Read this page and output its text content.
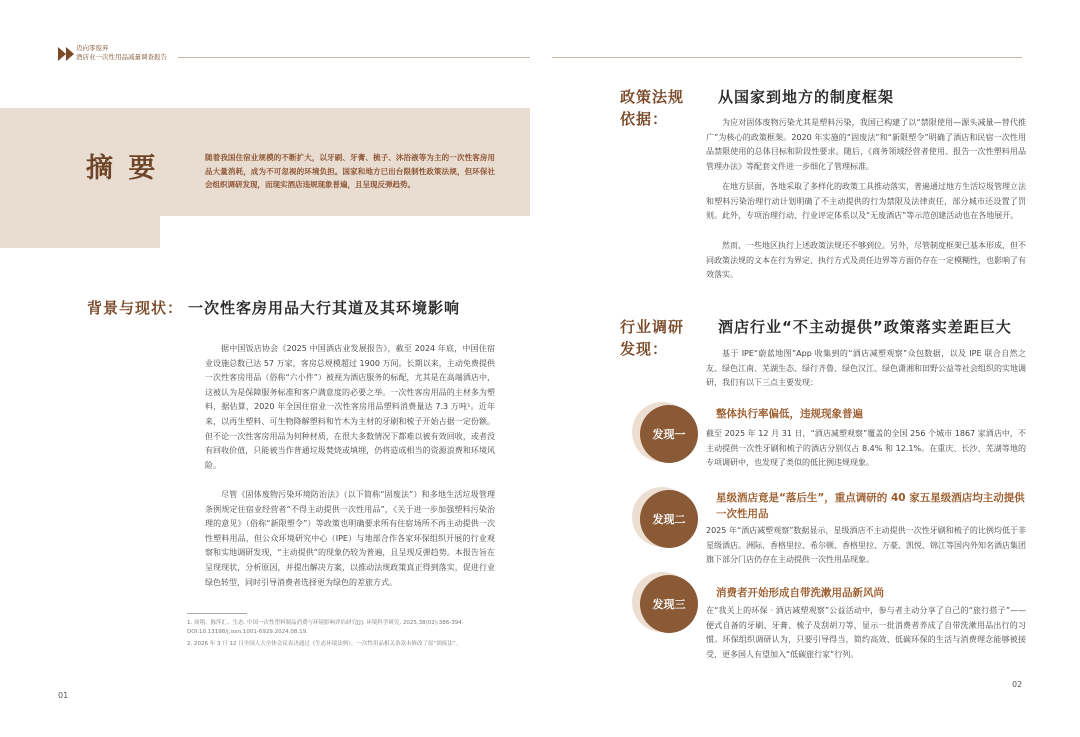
迈向零废弃
酒店业一次性用品减量调查报告
摘 要	随着我国住宿业规模的不断扩大，以牙刷、牙膏、梳子、沐浴液等为主的一次性客房用品大量消耗，成为不可忽视的环境负担。国家和地方已出台限制性政策法规，但环保社会组织调研发现，而现实酒店违规现象普遍，且呈现反弹趋势。

背景与现状： 一次性客房用品大行其道及其环境影响

据中国饭店协会《2025 中国酒店业发展报告》，截至 2024 年底，中国住宿业设施总数已达 57 万家，客房总规模超过 1900 万间。长期以来，主动免费提供一次性客房用品（俗称“六小件”）被视为酒店服务的标配，尤其是在高端酒店中，这被认为是保障服务标准和客户满意度的必要之举。一次性客房用品的主材多为塑料，据估算，2020 年全国住宿业一次性客房用品塑料消费量达 7.3 万吨¹。近年来，以再生塑料、可生物降解塑料和竹木为主材的牙刷和梳子开始占据一定份额。但不论一次性客房用品为何种材质，在很大多数情况下都难以被有效回收，或者没有回收价值，只能被当作普通垃圾焚烧或填埋，仍将造成相当的资源浪费和环境风险。

尽管《固体废物污染环境防治法》（以下简称“固废法”）和多地生活垃圾管理条例规定住宿业经营者“不得主动提供一次性用品”，《关于进一步加强塑料污染治理的意见》（俗称“新限塑令”）等政策也明确要求所有住宿场所不再主动提供一次性塑料用品，但公众环境研究中心（IPE）与地部合作各家环保组织开展的行业观察和实地调研发现，“主动提供”的现象仍较为普遍，且呈现反弹趋势。本报告旨在呈现现状，分析原因，并提出解决方案，以推动法规政策真正得到落实，促进行业绿色转型，同时引导消费者选择更为绿色的差旅方式。

1. 周翔、陈萍汇、生态. 中国一次性塑料制品消费与环境影响评估研究[J]. 环境科学研究, 2025,38(02):386-394. DOI:10.13198/j.issn.1001-6929.2024.08.19.
2. 2026 年 3 月 12 日全国人大全体会议表决通过《生态环境法典》，一次性用品相关条款未修改了原“固废法”。
01
政策法规
依据：
从国家到地方的制度框架

为应对固体废物污染尤其是塑料污染，我国已构建了以“禁限使用—源头减量—替代推广”为核心的政策框架。2020 年实施的“固废法”和“新限塑令”明确了酒店和民宿一次性用品禁限使用的总体目标和阶段性要求。随后，《商务领域经营者使用、报告一次性塑料用品管理办法》等配套文件进一步细化了管理标准。

在地方层面，各地采取了多样化的政策工具推动落实，普遍通过地方生活垃圾管理立法和塑料污染治理行动计划明确了不主动提供的行为禁限及法律责任，部分城市还设置了罚则。此外，专项治理行动、行业评定体系以及“无废酒店”等示范创建活动也在各地展开。

然而，一些地区执行上述政策法规还不够到位。另外，尽管制度框架已基本形成，但不同政策法规的文本在行为界定、执行方式及责任边界等方面仍存在一定模糊性，也影响了有效落实。

行业调研
发现：
酒店行业“不主动提供”政策落实差距巨大

基于 IPE“蔚蓝地图”App 收集到的“酒店减塑观察”众包数据，以及 IPE 联合自然之友、绿色江南、芜湖生态、绿行齐鲁、绿色汉江、绿色潇湘和田野公益等社会组织的实地调研，我们有以下三点主要发现：

发现一
整体执行率偏低，违规现象普遍

截至 2025 年 12 月 31 日，“酒店减塑观察”覆盖的全国 256 个城市 1867 家酒店中，不主动提供一次性牙刷和梳子的酒店分别仅占 8.4% 和 12.1%。在重庆、长沙、芜湖等地的专项调研中，也发现了类似的低比例违规现象。

发现二
星级酒店竟是“落后生”，重点调研的 40 家五星级酒店均主动提供一次性用品

2025 年“酒店减塑观察”数据显示，星级酒店不主动提供一次性牙刷和梳子的比例均低于非星级酒店。洲际、香格里拉、希尔顿、香格里拉、万豪、凯悦、锦江等国内外知名酒店集团旗下部分门店仍存在主动提供一次性用品现象。

发现三
消费者开始形成自带洗漱用品新风尚

在“我关上的环保 · 酒店减塑观察”公益活动中，参与者主动分享了自己的“旅行搭子”——便式自备的牙刷、牙膏、梳子及刮胡刀等，显示一批消费者养成了自带洗漱用品出行的习惯。环保组织调研认为，只要引导得当，简约高效、低碳环保的生活与消费理念能够被接受，更多国人有望加入“低碳旅行家”行列。

02
